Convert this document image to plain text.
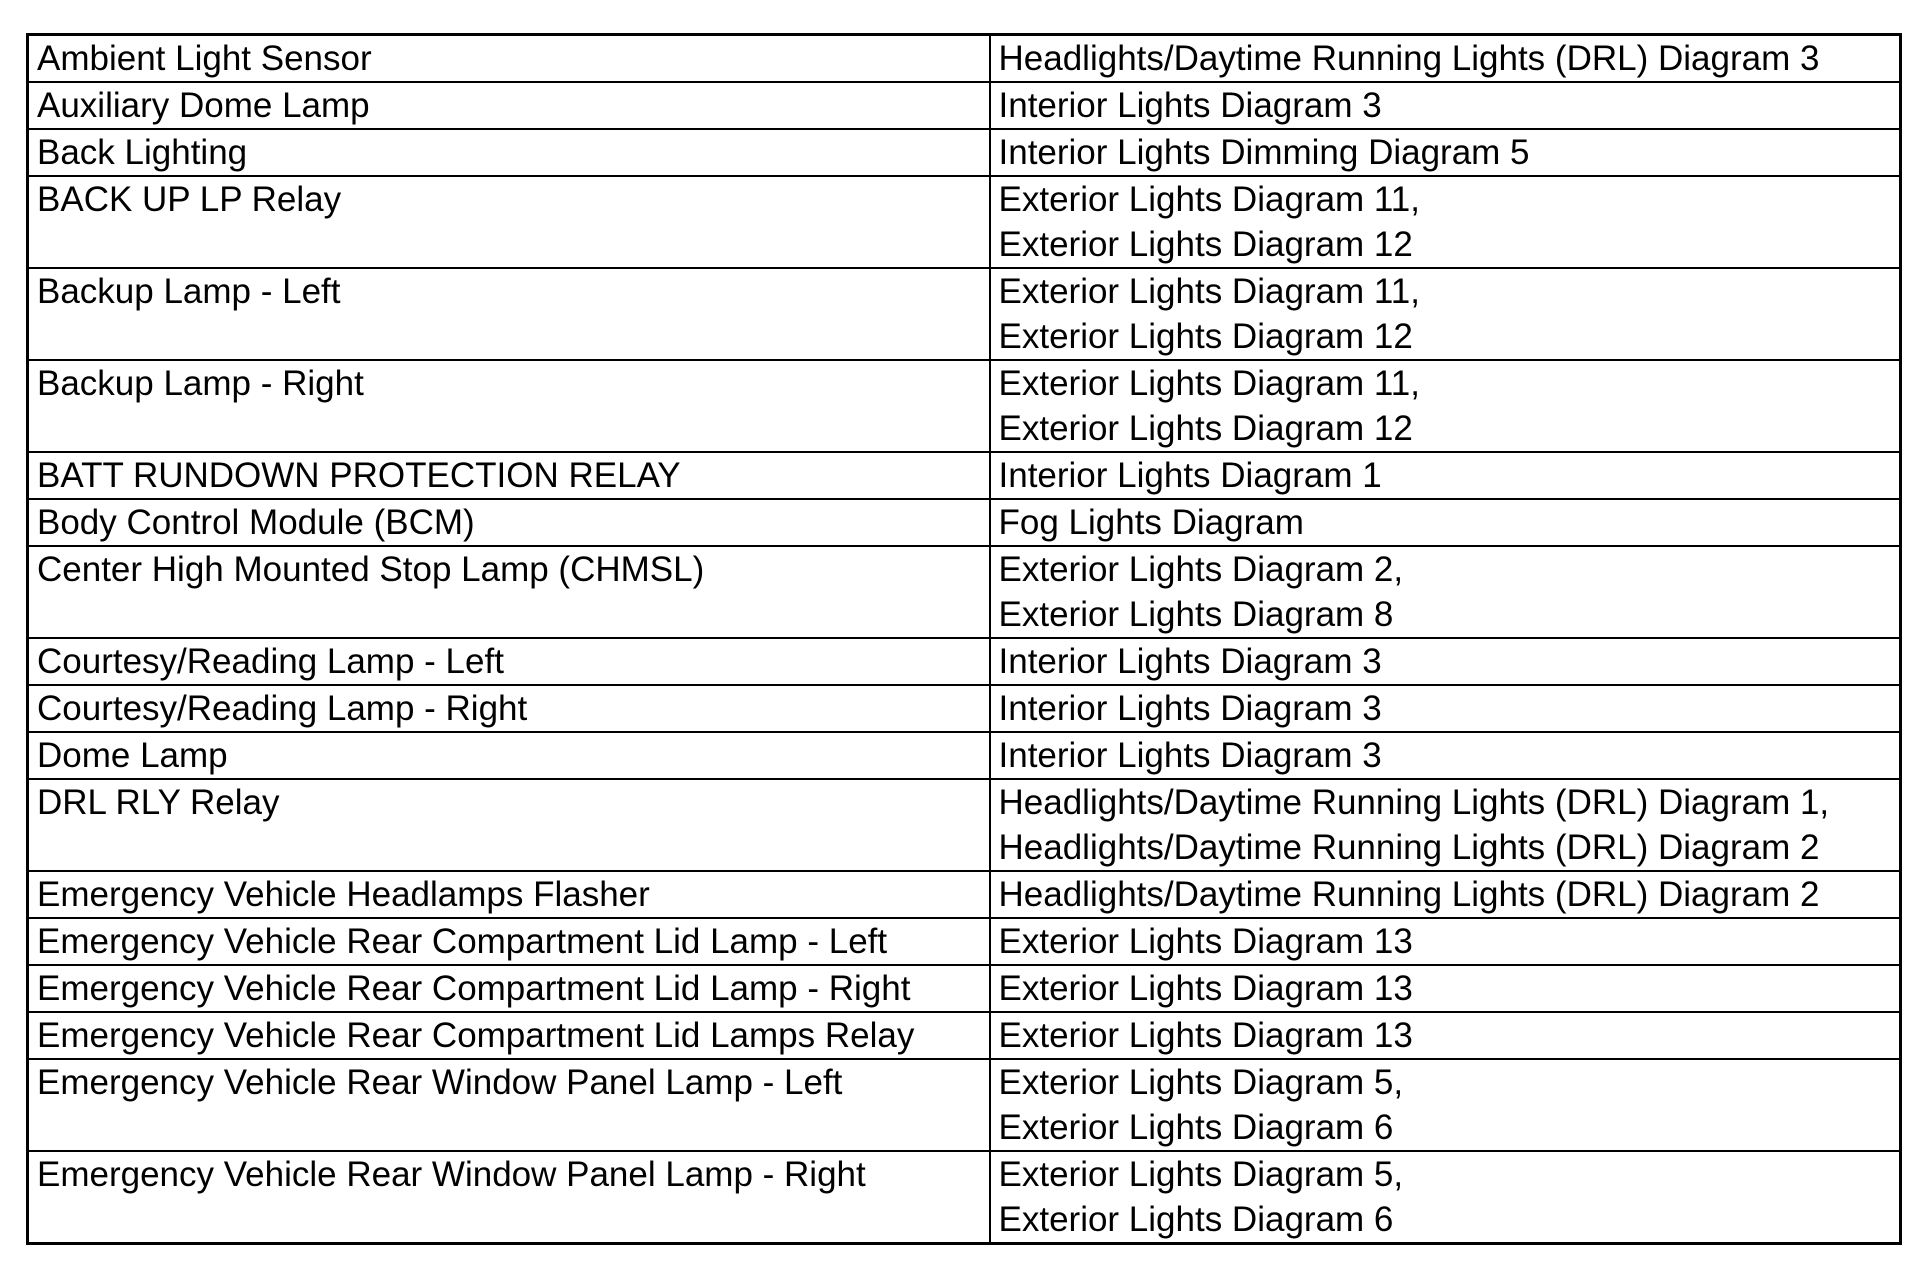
Ambient Light Sensor	Headlights/Daytime Running Lights (DRL) Diagram 3

Auxiliary Dome Lamp	Interior Lights Diagram 3

Back Lighting	Interior Lights Dimming Diagram 5

BACK UP LP Relay	Exterior Lights Diagram 11,
Exterior Lights Diagram 12

Backup Lamp - Left	Exterior Lights Diagram 11,
Exterior Lights Diagram 12

Backup Lamp - Right	Exterior Lights Diagram 11,
Exterior Lights Diagram 12

BATT RUNDOWN PROTECTION RELAY	Interior Lights Diagram 1

Body Control Module (BCM)	Fog Lights Diagram

Center High Mounted Stop Lamp (CHMSL)	Exterior Lights Diagram 2,
Exterior Lights Diagram 8

Courtesy/Reading Lamp - Left	Interior Lights Diagram 3

Courtesy/Reading Lamp - Right	Interior Lights Diagram 3

Dome Lamp	Interior Lights Diagram 3

DRL RLY Relay	Headlights/Daytime Running Lights (DRL) Diagram 1,
Headlights/Daytime Running Lights (DRL) Diagram 2

Emergency Vehicle Headlamps Flasher	Headlights/Daytime Running Lights (DRL) Diagram 2

Emergency Vehicle Rear Compartment Lid Lamp - Left	Exterior Lights Diagram 13

Emergency Vehicle Rear Compartment Lid Lamp - Right	Exterior Lights Diagram 13

Emergency Vehicle Rear Compartment Lid Lamps Relay	Exterior Lights Diagram 13

Emergency Vehicle Rear Window Panel Lamp - Left	Exterior Lights Diagram 5,
Exterior Lights Diagram 6

Emergency Vehicle Rear Window Panel Lamp - Right	Exterior Lights Diagram 5,
Exterior Lights Diagram 6
